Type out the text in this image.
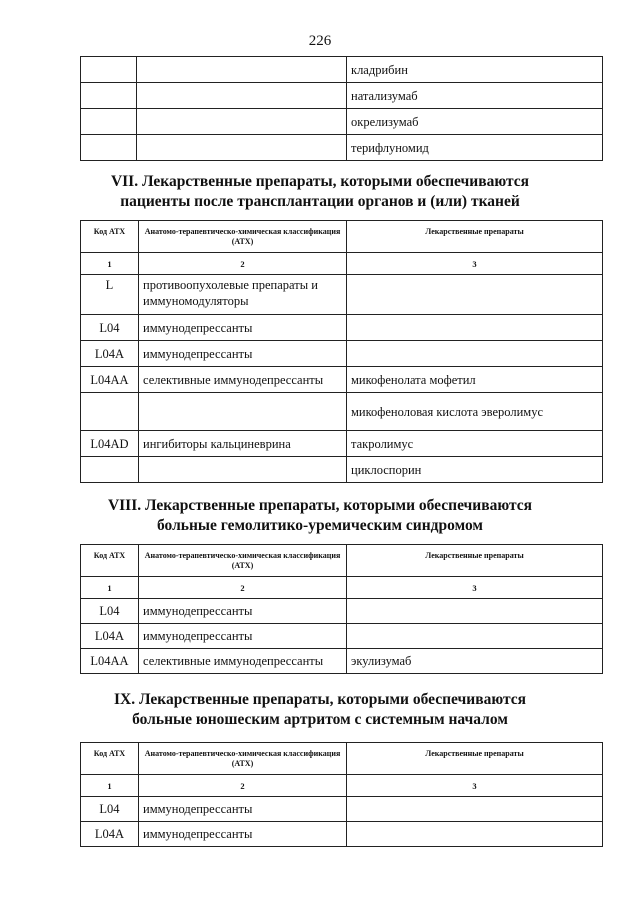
226
		кладрибин
		натализумаб
		окрелизумаб
		терифлуномид
VII. Лекарственные препараты, которыми обеспечиваются
пациенты после трансплантации органов и (или) тканей
Код АТХ	Анатомо-терапевтическо-химическая классификация (АТХ)	Лекарственные препараты
1	2	3
L	противоопухолевые препараты и иммуномодуляторы	
L04	иммунодепрессанты	
L04A	иммунодепрессанты	
L04AA	селективные иммунодепрессанты	микофенолата мофетил
		микофеноловая кислота эверолимус
L04AD	ингибиторы кальциневрина	такролимус
		циклоспорин
VIII. Лекарственные препараты, которыми обеспечиваются
больные гемолитико-уремическим синдромом
Код АТХ	Анатомо-терапевтическо-химическая классификация (АТХ)	Лекарственные препараты
1	2	3
L04	иммунодепрессанты	
L04A	иммунодепрессанты	
L04AA	селективные иммунодепрессанты	экулизумаб
IX. Лекарственные препараты, которыми обеспечиваются
больные юношеским артритом с системным началом
Код АТХ	Анатомо-терапевтическо-химическая классификация (АТХ)	Лекарственные препараты
1	2	3
L04	иммунодепрессанты	
L04A	иммунодепрессанты	
